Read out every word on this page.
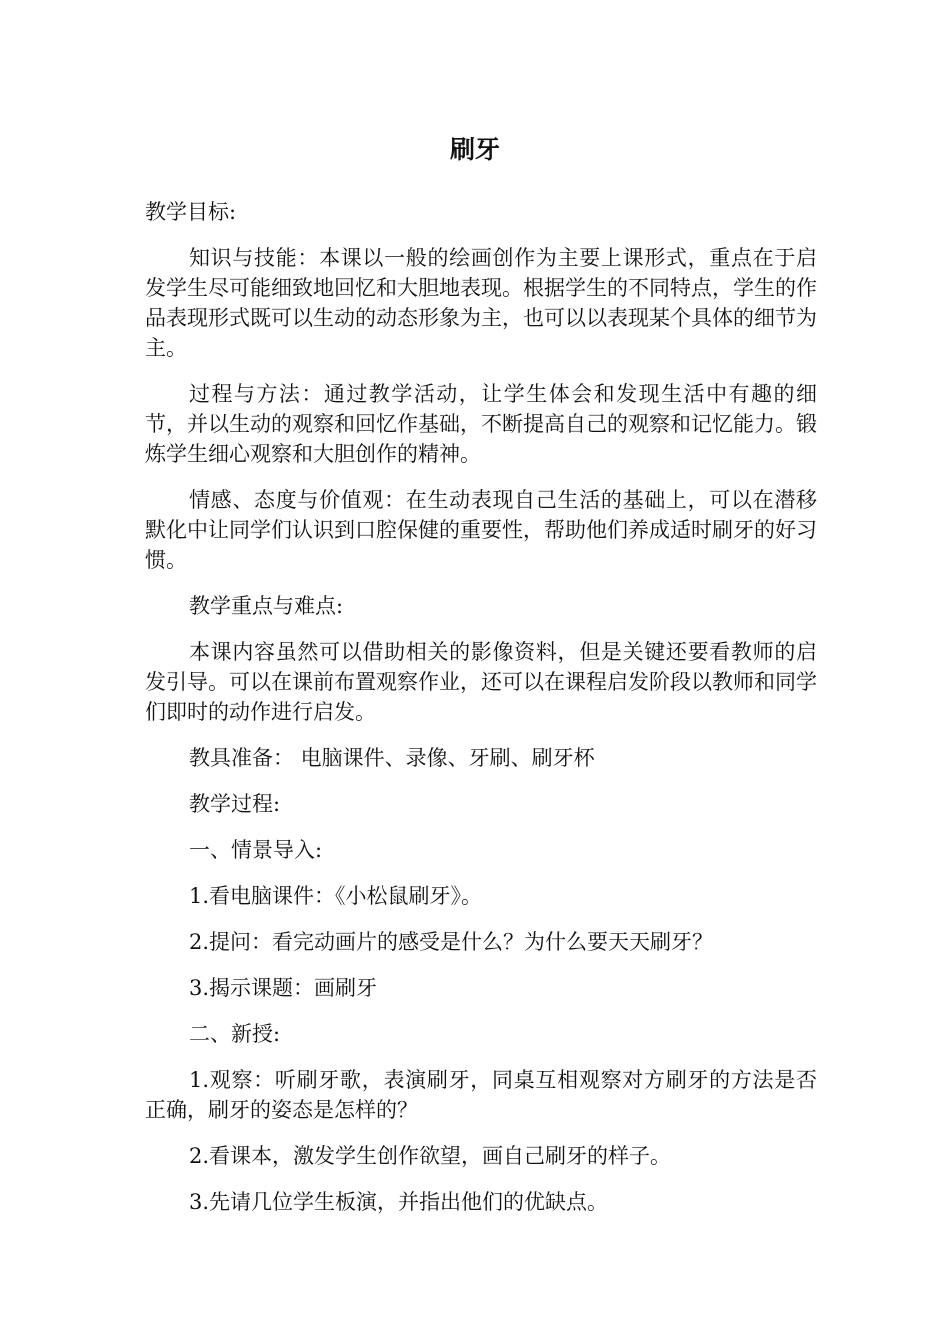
刷牙

教学目标:

知识与技能：本课以一般的绘画创作为主要上课形式，重点在于启发学生尽可能细致地回忆和大胆地表现。根据学生的不同特点，学生的作品表现形式既可以生动的动态形象为主，也可以以表现某个具体的细节为主。

过程与方法：通过教学活动，让学生体会和发现生活中有趣的细节，并以生动的观察和回忆作基础，不断提高自己的观察和记忆能力。锻炼学生细心观察和大胆创作的精神。

情感、态度与价值观：在生动表现自己生活的基础上，可以在潜移默化中让同学们认识到口腔保健的重要性，帮助他们养成适时刷牙的好习惯。

教学重点与难点:

本课内容虽然可以借助相关的影像资料，但是关键还要看教师的启发引导。可以在课前布置观察作业，还可以在课程启发阶段以教师和同学们即时的动作进行启发。

教具准备： 电脑课件、录像、牙刷、刷牙杯

教学过程:

一、情景导入:

1.看电脑课件：《小松鼠刷牙》。

2.提问：看完动画片的感受是什么？为什么要天天刷牙？

3.揭示课题：画刷牙

二、新授:

1.观察：听刷牙歌，表演刷牙，同桌互相观察对方刷牙的方法是否正确，刷牙的姿态是怎样的？

2.看课本，激发学生创作欲望，画自己刷牙的样子。

3.先请几位学生板演，并指出他们的优缺点。
